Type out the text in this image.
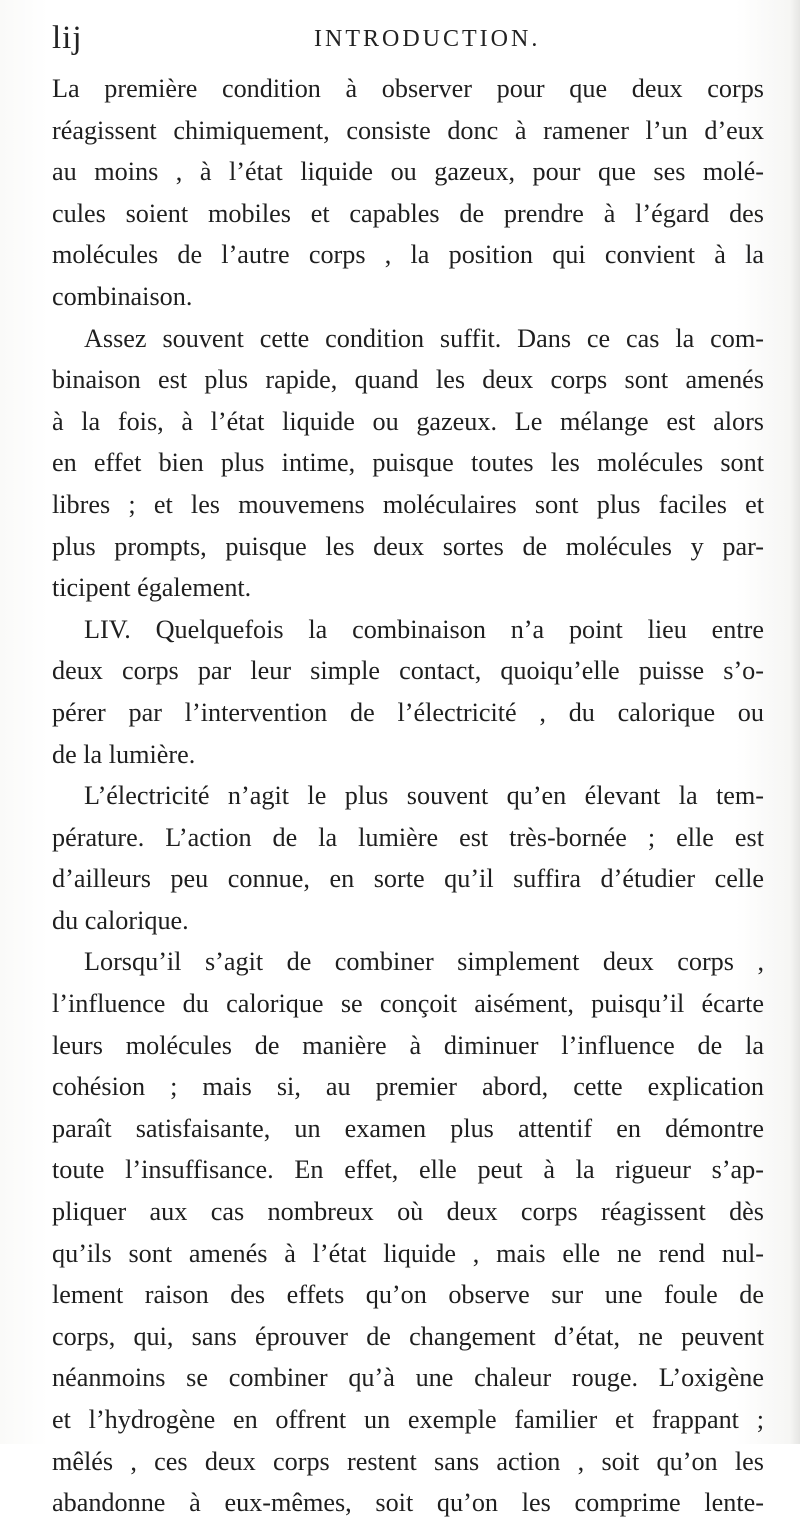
lij	INTRODUCTION.
La première condition à observer pour que deux corps
réagissent chimiquement, consiste donc à ramener l’un d’eux
au moins , à l’état liquide ou gazeux, pour que ses molé-
cules soient mobiles et capables de prendre à l’égard des
molécules de l’autre corps , la position qui convient à la
combinaison.
Assez souvent cette condition suffit. Dans ce cas la com-
binaison est plus rapide, quand les deux corps sont amenés
à la fois, à l’état liquide ou gazeux. Le mélange est alors
en effet bien plus intime, puisque toutes les molécules sont
libres ; et les mouvemens moléculaires sont plus faciles et
plus prompts, puisque les deux sortes de molécules y par-
ticipent également.
LIV. Quelquefois la combinaison n’a point lieu entre
deux corps par leur simple contact, quoiqu’elle puisse s’o-
pérer par l’intervention de l’électricité , du calorique ou
de la lumière.
L’électricité n’agit le plus souvent qu’en élevant la tem-
pérature. L’action de la lumière est très-bornée ; elle est
d’ailleurs peu connue, en sorte qu’il suffira d’étudier celle
du calorique.
Lorsqu’il s’agit de combiner simplement deux corps ,
l’influence du calorique se conçoit aisément, puisqu’il écarte
leurs molécules de manière à diminuer l’influence de la
cohésion ; mais si, au premier abord, cette explication
paraît satisfaisante, un examen plus attentif en démontre
toute l’insuffisance. En effet, elle peut à la rigueur s’ap-
pliquer aux cas nombreux où deux corps réagissent dès
qu’ils sont amenés à l’état liquide , mais elle ne rend nul-
lement raison des effets qu’on observe sur une foule de
corps, qui, sans éprouver de changement d’état, ne peuvent
néanmoins se combiner qu’à une chaleur rouge. L’oxigène
et l’hydrogène en offrent un exemple familier et frappant ;
mêlés , ces deux corps restent sans action , soit qu’on les
abandonne à eux-mêmes, soit qu’on les comprime lente-
